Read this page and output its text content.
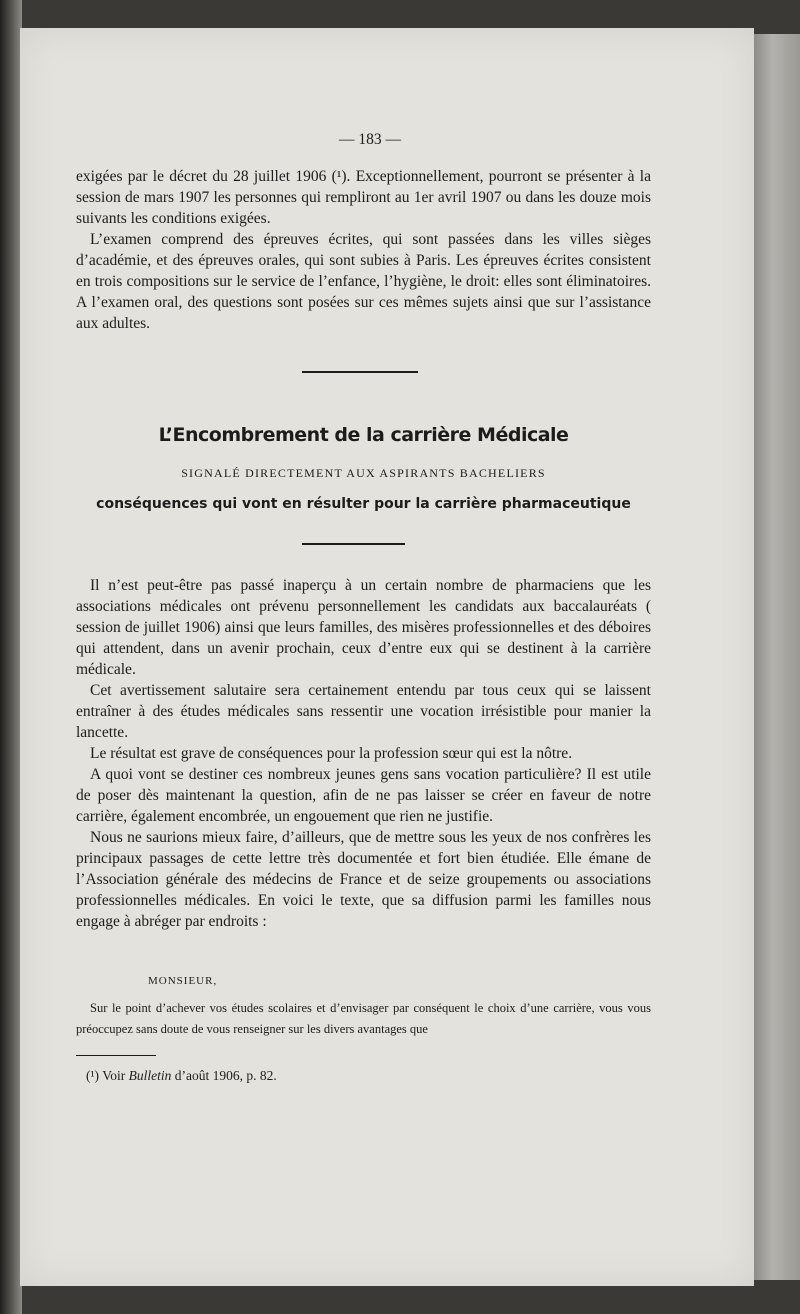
— 183 —

exigées par le décret du 28 juillet 1906 (¹). Exceptionnellement, pourront se présenter à la session de mars 1907 les personnes qui rempliront au 1er avril 1907 ou dans les douze mois suivants les conditions exigées.

L’examen comprend des épreuves écrites, qui sont passées dans les villes sièges d’académie, et des épreuves orales, qui sont subies à Paris. Les épreuves écrites consistent en trois compositions sur le service de l’enfance, l’hygiène, le droit: elles sont éliminatoires. A l’examen oral, des questions sont posées sur ces mêmes sujets ainsi que sur l’assistance aux adultes.

L’Encombrement de la carrière Médicale
SIGNALÉ DIRECTEMENT AUX ASPIRANTS BACHELIERS
conséquences qui vont en résulter pour la carrière pharmaceutique

Il n’est peut-être pas passé inaperçu à un certain nombre de pharmaciens que les associations médicales ont prévenu personnellement les candidats aux baccalauréats ( session de juillet 1906) ainsi que leurs familles, des misères professionnelles et des déboires qui attendent, dans un avenir prochain, ceux d’entre eux qui se destinent à la carrière médicale.

Cet avertissement salutaire sera certainement entendu par tous ceux qui se laissent entraîner à des études médicales sans ressentir une vocation irrésistible pour manier la lancette.

Le résultat est grave de conséquences pour la profession sœur qui est la nôtre.

A quoi vont se destiner ces nombreux jeunes gens sans vocation particulière? Il est utile de poser dès maintenant la question, afin de ne pas laisser se créer en faveur de notre carrière, également encombrée, un engouement que rien ne justifie.

Nous ne saurions mieux faire, d’ailleurs, que de mettre sous les yeux de nos confrères les principaux passages de cette lettre très documentée et fort bien étudiée. Elle émane de l’Association générale des médecins de France et de seize groupements ou associations professionnelles médicales. En voici le texte, que sa diffusion parmi les familles nous engage à abréger par endroits :

MONSIEUR,

Sur le point d’achever vos études scolaires et d’envisager par conséquent le choix d’une carrière, vous vous préoccupez sans doute de vous renseigner sur les divers avantages que

(¹) Voir Bulletin d’août 1906, p. 82.
